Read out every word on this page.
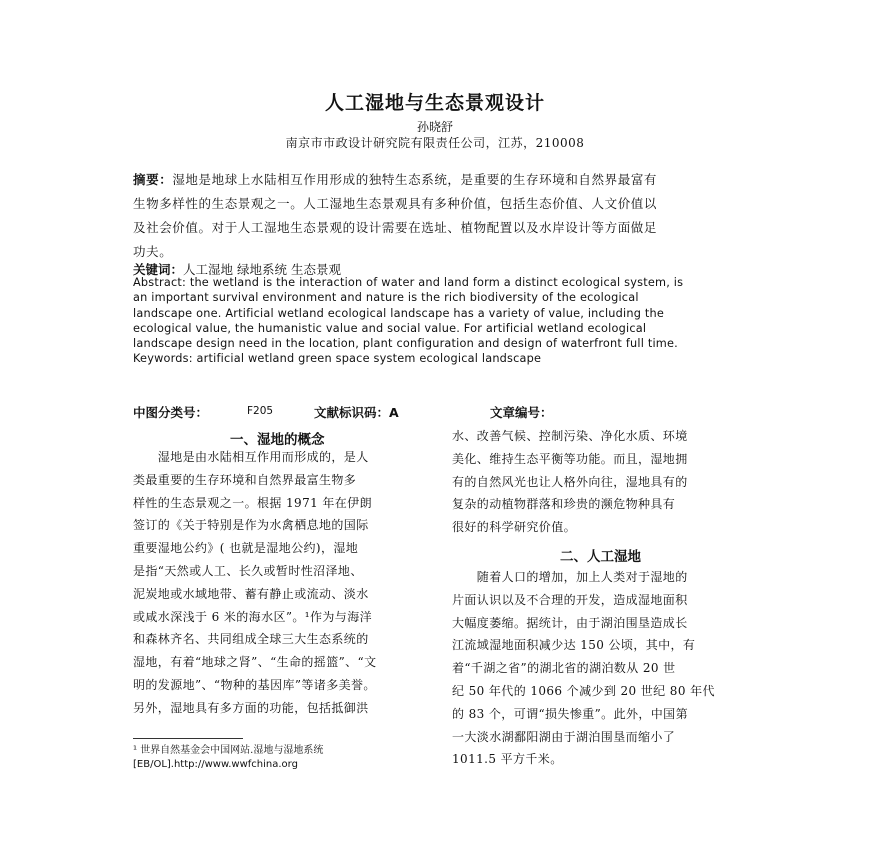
人工湿地与生态景观设计
孙晓舒
南京市市政设计研究院有限责任公司，江苏，210008
摘要：湿地是地球上水陆相互作用形成的独特生态系统，是重要的生存环境和自然界最富有
生物多样性的生态景观之一。人工湿地生态景观具有多种价值，包括生态价值、人文价值以
及社会价值。对于人工湿地生态景观的设计需要在选址、植物配置以及水岸设计等方面做足
功夫。
关键词：人工湿地 绿地系统 生态景观
Abstract: the wetland is the interaction of water and land form a distinct ecological system, is
an important survival environment and nature is the rich biodiversity of the ecological
landscape one. Artificial wetland ecological landscape has a variety of value, including the
ecological value, the humanistic value and social value. For artificial wetland ecological
landscape design need in the location, plant configuration and design of waterfront full time.
Keywords: artificial wetland green space system ecological landscape
中图分类号：	F205	文献标识码：A	文章编号：
一、湿地的概念
　　湿地是由水陆相互作用而形成的，是人
类最重要的生存环境和自然界最富生物多
样性的生态景观之一。根据 1971 年在伊朗
签订的《关于特别是作为水禽栖息地的国际
重要湿地公约》( 也就是湿地公约)，湿地
是指“天然或人工、长久或暂时性沼泽地、
泥炭地或水域地带、蓄有静止或流动、淡水
或咸水深浅于 6 米的海水区”。¹作为与海洋
和森林齐名、共同组成全球三大生态系统的
湿地，有着“地球之肾”、“生命的摇篮”、“文
明的发源地”、“物种的基因库”等诸多美誉。
另外，湿地具有多方面的功能，包括抵御洪
水、改善气候、控制污染、净化水质、环境
美化、维持生态平衡等功能。而且，湿地拥
有的自然风光也让人格外向往，湿地具有的
复杂的动植物群落和珍贵的濒危物种具有
很好的科学研究价值。
二、人工湿地
　　随着人口的增加，加上人类对于湿地的
片面认识以及不合理的开发，造成湿地面积
大幅度萎缩。据统计，由于湖泊围垦造成长
江流域湿地面积减少达 150 公顷，其中，有
着“千湖之省”的湖北省的湖泊数从 20 世
纪 50 年代的 1066 个减少到 20 世纪 80 年代
的 83 个，可谓“损失惨重”。此外，中国第
一大淡水湖鄱阳湖由于湖泊围垦而缩小了
1011.5 平方千米。
¹ 世界自然基金会中国网站.湿地与湿地系统
[EB/OL].http://www.wwfchina.org
